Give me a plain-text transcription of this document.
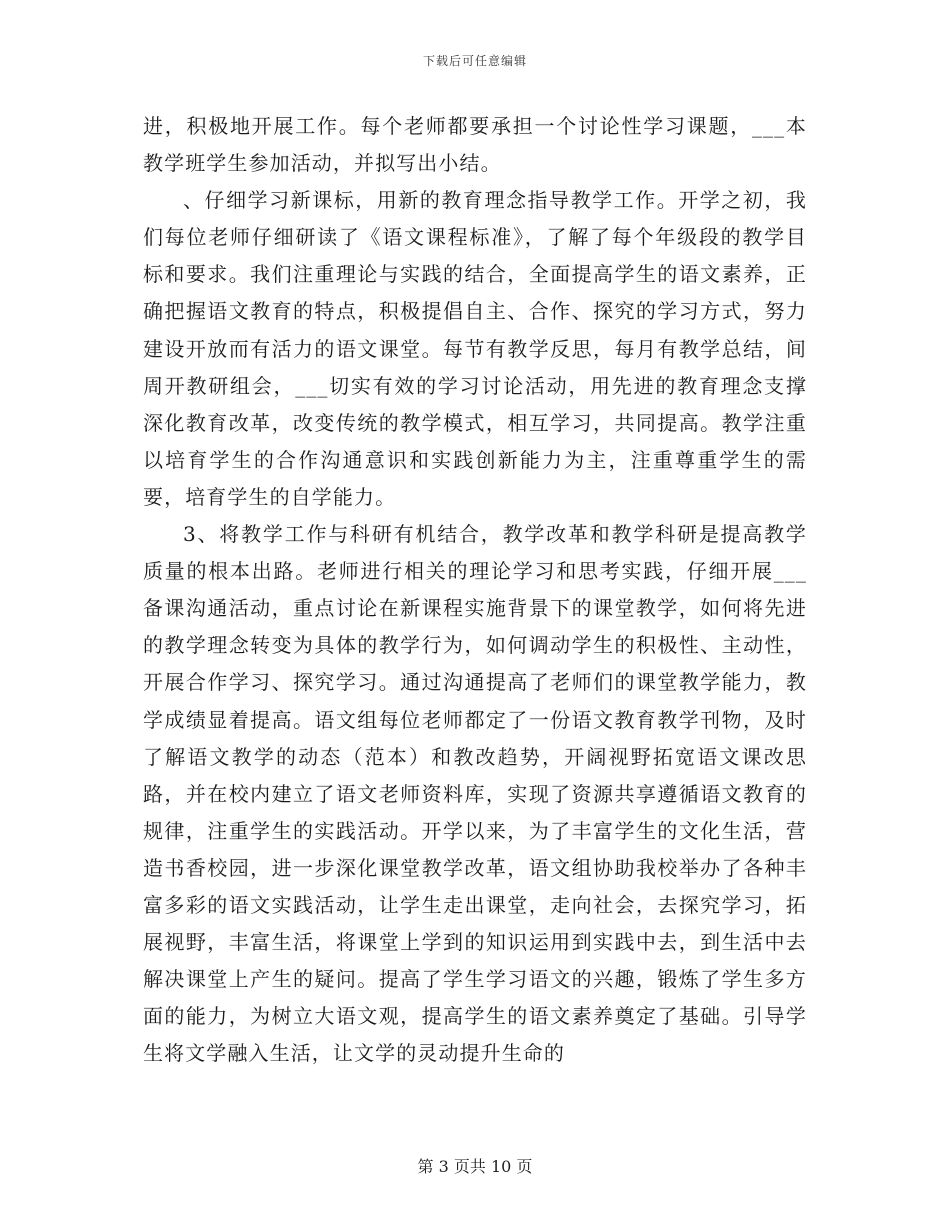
下载后可任意编辑

进，积极地开展工作。每个老师都要承担一个讨论性学习课题，___本教学班学生参加活动，并拟写出小结。

、仔细学习新课标，用新的教育理念指导教学工作。开学之初，我们每位老师仔细研读了《语文课程标准》，了解了每个年级段的教学目标和要求。我们注重理论与实践的结合，全面提高学生的语文素养，正确把握语文教育的特点，积极提倡自主、合作、探究的学习方式，努力建设开放而有活力的语文课堂。每节有教学反思，每月有教学总结，间周开教研组会，___切实有效的学习讨论活动，用先进的教育理念支撑深化教育改革，改变传统的教学模式，相互学习，共同提高。教学注重以培育学生的合作沟通意识和实践创新能力为主，注重尊重学生的需要，培育学生的自学能力。

3、将教学工作与科研有机结合，教学改革和教学科研是提高教学质量的根本出路。老师进行相关的理论学习和思考实践，仔细开展___备课沟通活动，重点讨论在新课程实施背景下的课堂教学，如何将先进的教学理念转变为具体的教学行为，如何调动学生的积极性、主动性，开展合作学习、探究学习。通过沟通提高了老师们的课堂教学能力，教学成绩显着提高。语文组每位老师都定了一份语文教育教学刊物，及时了解语文教学的动态（范本）和教改趋势，开阔视野拓宽语文课改思路，并在校内建立了语文老师资料库，实现了资源共享遵循语文教育的规律，注重学生的实践活动。开学以来，为了丰富学生的文化生活，营造书香校园，进一步深化课堂教学改革，语文组协助我校举办了各种丰富多彩的语文实践活动，让学生走出课堂，走向社会，去探究学习，拓展视野，丰富生活，将课堂上学到的知识运用到实践中去，到生活中去解决课堂上产生的疑问。提高了学生学习语文的兴趣，锻炼了学生多方面的能力，为树立大语文观，提高学生的语文素养奠定了基础。引导学生将文学融入生活，让文学的灵动提升生命的

第 3 页共 10 页
